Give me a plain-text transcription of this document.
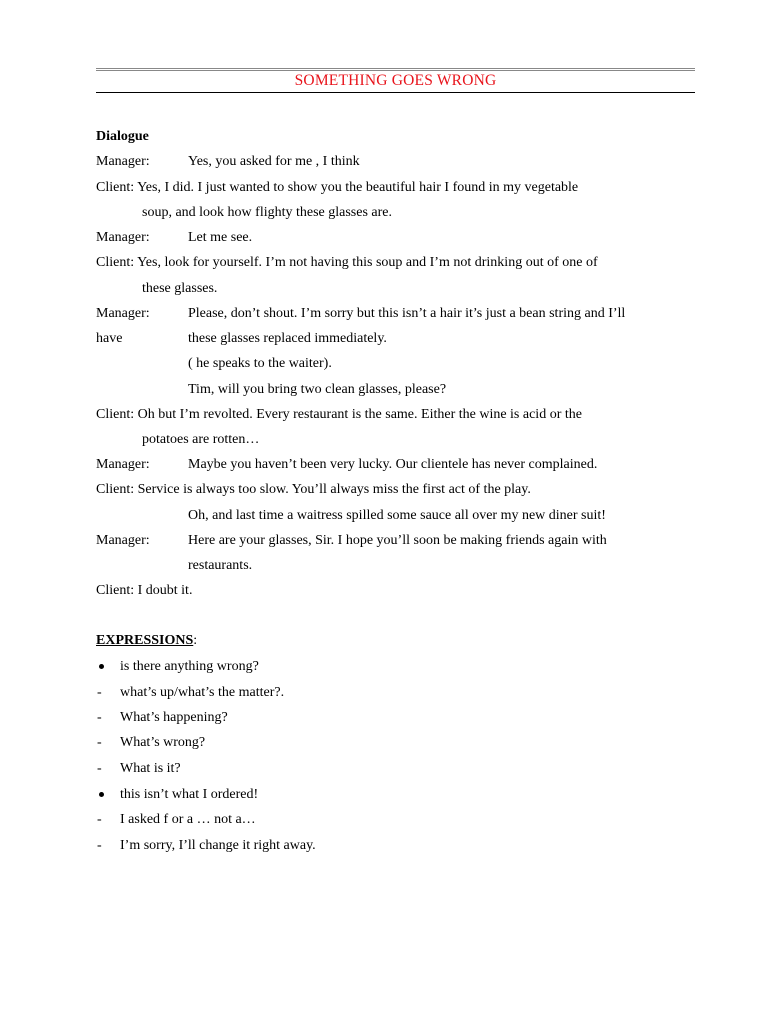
SOMETHING GOES WRONG
Dialogue
Manager:	Yes, you asked for me , I think
Client: Yes, I did. I just wanted to show you the beautiful hair I found in my vegetable
soup, and look how flighty these glasses are.
Manager:	Let me see.
Client: Yes, look for yourself. I’m not having this soup and I’m not drinking out of one of
these glasses.
Manager:	Please, don’t shout. I’m sorry but this isn’t a hair it’s just a bean string and I’ll
have	these glasses replaced immediately.
( he speaks to the waiter).
Tim, will you bring two clean glasses, please?
Client: Oh but I’m revolted. Every restaurant is the same. Either the wine is acid or the
potatoes are rotten…
Manager:	Maybe you haven’t been very lucky. Our clientele has never complained.
Client: Service is always too slow. You’ll always miss the first act of the play.
Oh, and last time a waitress spilled some sauce all over my new diner suit!
Manager:	Here are your glasses, Sir. I hope you’ll soon be making friends again with
restaurants.
Client: I doubt it.
EXPRESSIONS:
is there anything wrong?
- what’s up/what’s the matter?.
- What’s happening?
- What’s wrong?
- What is it?
this isn’t what I ordered!
- I asked f or a … not a…
- I’m sorry, I’ll change it right away.
